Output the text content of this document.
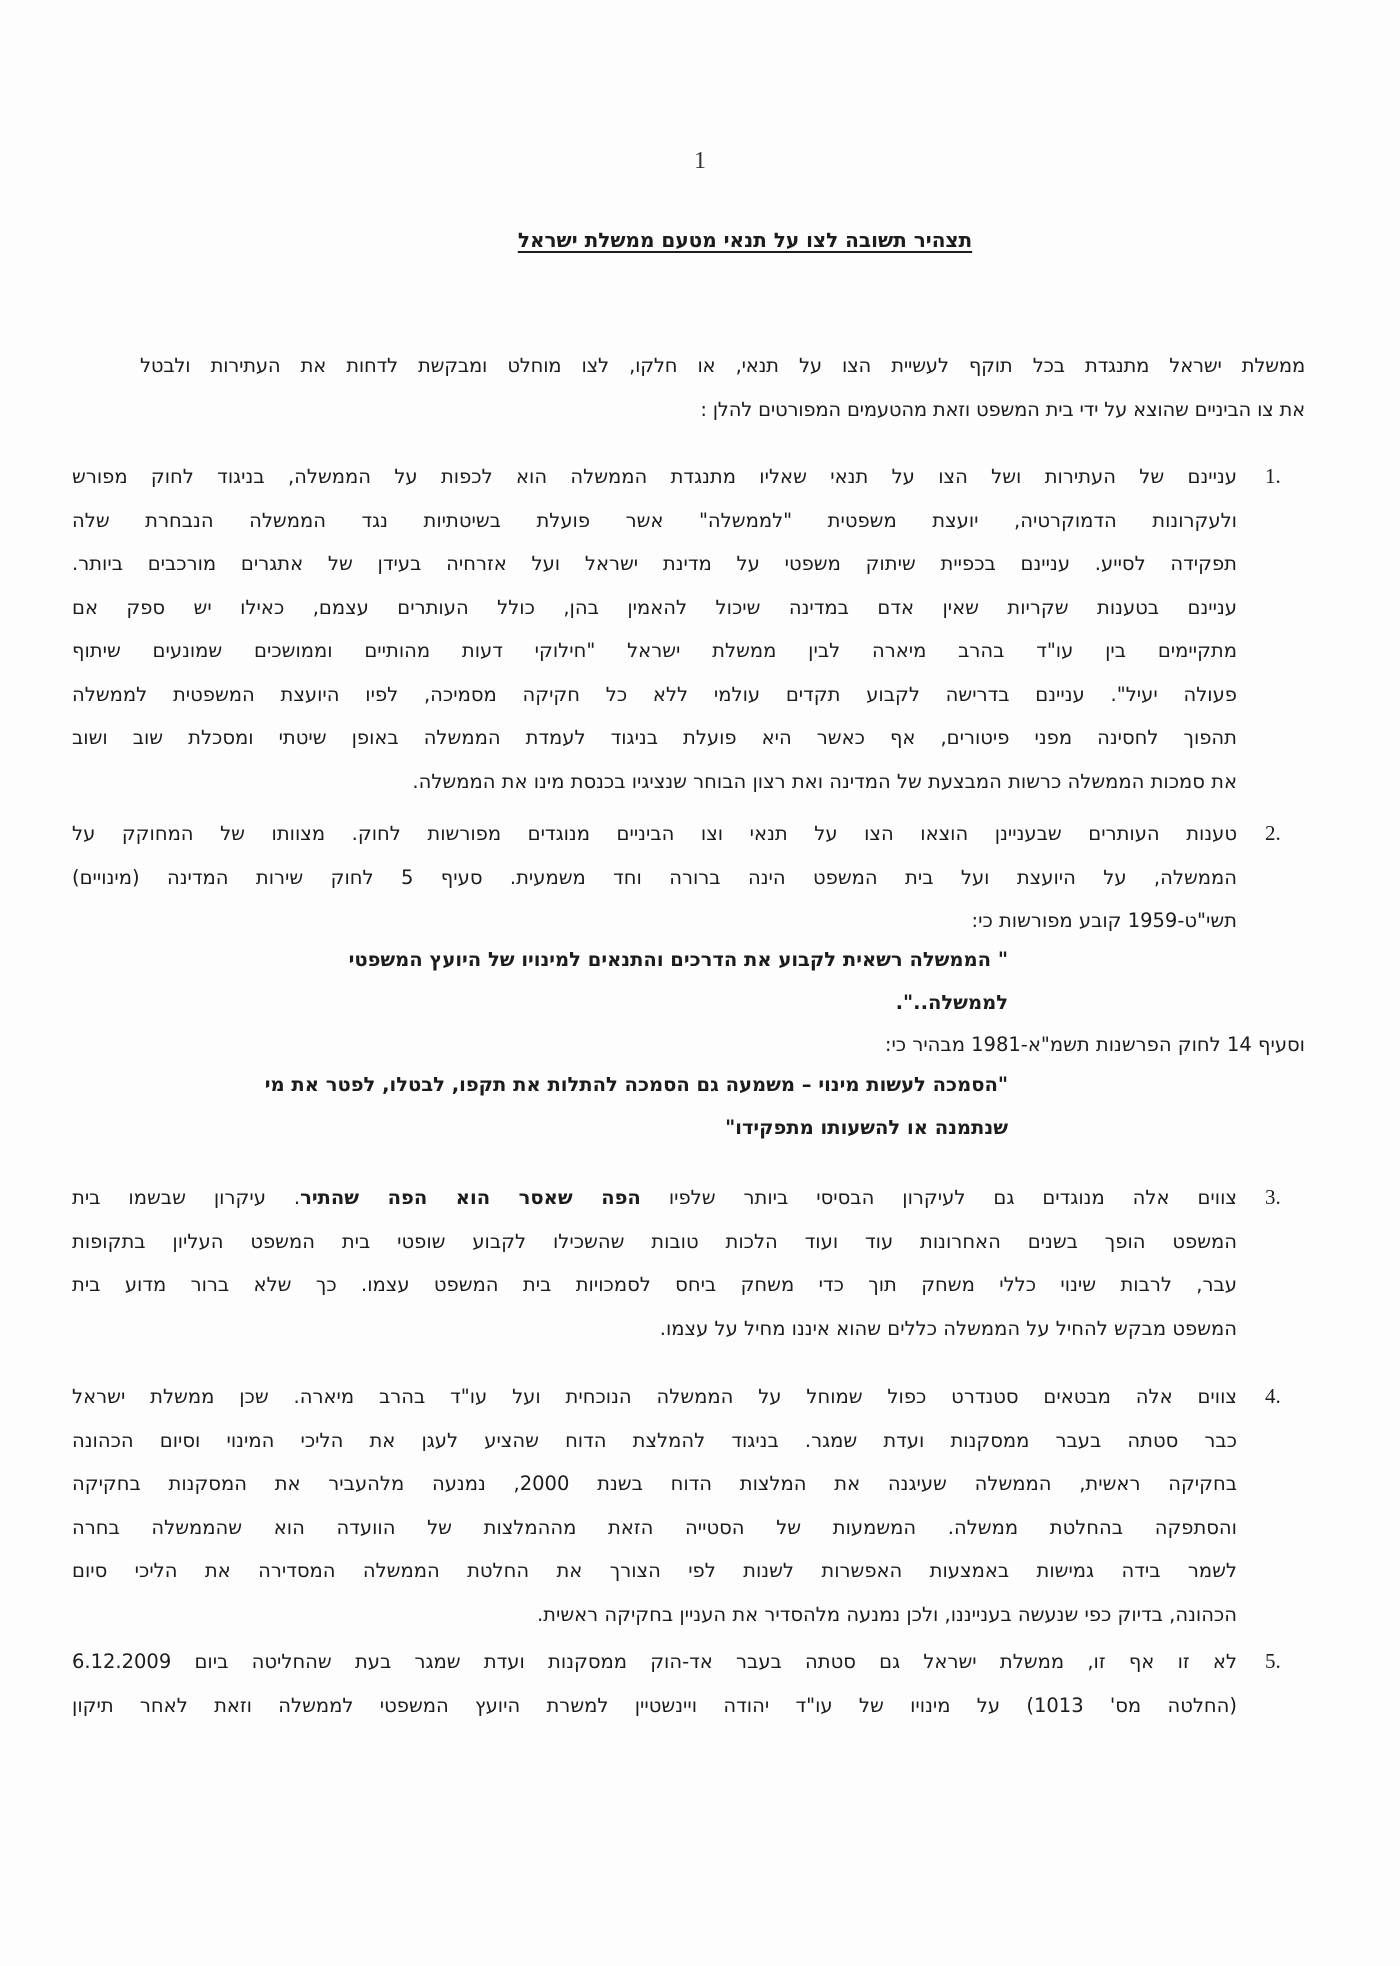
1
תצהיר תשובה לצו על תנאי מטעם ממשלת ישראל
ממשלת ישראל מתנגדת בכל תוקף לעשיית הצו על תנאי, או חלקו, לצו מוחלט ומבקשת לדחות את העתירות ולבטל
את צו הביניים שהוצא על ידי בית המשפט וזאת מהטעמים המפורטים להלן :
1.
עניינם של העתירות ושל הצו על תנאי שאליו מתנגדת הממשלה הוא לכפות על הממשלה, בניגוד לחוק מפורש
ולעקרונות הדמוקרטיה, יועצת משפטית "לממשלה" אשר פועלת בשיטתיות נגד הממשלה הנבחרת שלה
תפקידה לסייע. עניינם בכפיית שיתוק משפטי על מדינת ישראל ועל אזרחיה בעידן של אתגרים מורכבים ביותר.
עניינם בטענות שקריות שאין אדם במדינה שיכול להאמין בהן, כולל העותרים עצמם, כאילו יש ספק אם
מתקיימים בין עו"ד בהרב מיארה לבין ממשלת ישראל "חילוקי דעות מהותיים וממושכים שמונעים שיתוף
פעולה יעיל". עניינם בדרישה לקבוע תקדים עולמי ללא כל חקיקה מסמיכה, לפיו היועצת המשפטית לממשלה
תהפוך לחסינה מפני פיטורים, אף כאשר היא פועלת בניגוד לעמדת הממשלה באופן שיטתי ומסכלת שוב ושוב
את סמכות הממשלה כרשות המבצעת של המדינה ואת רצון הבוחר שנציגיו בכנסת מינו את הממשלה.
2.
טענות העותרים שבעניינן הוצאו הצו על תנאי וצו הביניים מנוגדים מפורשות לחוק. מצוותו של המחוקק על
הממשלה, על היועצת ועל בית המשפט הינה ברורה וחד משמעית. סעיף 5 לחוק שירות המדינה (מינויים)
תשי"ט-1959 קובע מפורשות כי:
" הממשלה רשאית לקבוע את הדרכים והתנאים למינויו של היועץ המשפטי
לממשלה..".
וסעיף 14 לחוק הפרשנות תשמ"א-1981 מבהיר כי:
"הסמכה לעשות מינוי – משמעה גם הסמכה להתלות את תקפו, לבטלו, לפטר את מי
שנתמנה או להשעותו מתפקידו"
3.
צווים אלה מנוגדים גם לעיקרון הבסיסי ביותר שלפיו הפה שאסר הוא הפה שהתיר. עיקרון שבשמו בית
המשפט הופך בשנים האחרונות עוד ועוד הלכות טובות שהשכילו לקבוע שופטי בית המשפט העליון בתקופות
עבר, לרבות שינוי כללי משחק תוך כדי משחק ביחס לסמכויות בית המשפט עצמו. כך שלא ברור מדוע בית
המשפט מבקש להחיל על הממשלה כללים שהוא איננו מחיל על עצמו.
4.
צווים אלה מבטאים סטנדרט כפול שמוחל על הממשלה הנוכחית ועל עו"ד בהרב מיארה. שכן ממשלת ישראל
כבר סטתה בעבר ממסקנות ועדת שמגר. בניגוד להמלצת הדוח שהציע לעגן את הליכי המינוי וסיום הכהונה
בחקיקה ראשית, הממשלה שעיגנה את המלצות הדוח בשנת 2000, נמנעה מלהעביר את המסקנות בחקיקה
והסתפקה בהחלטת ממשלה. המשמעות של הסטייה הזאת מההמלצות של הוועדה הוא שהממשלה בחרה
לשמר בידה גמישות באמצעות האפשרות לשנות לפי הצורך את החלטת הממשלה המסדירה את הליכי סיום
הכהונה, בדיוק כפי שנעשה בענייננו, ולכן נמנעה מלהסדיר את העניין בחקיקה ראשית.
5.
לא זו אף זו, ממשלת ישראל גם סטתה בעבר אד-הוק ממסקנות ועדת שמגר בעת שהחליטה ביום 6.12.2009
(החלטה מס' 1013) על מינויו של עו"ד יהודה ויינשטיין למשרת היועץ המשפטי לממשלה וזאת לאחר תיקון
